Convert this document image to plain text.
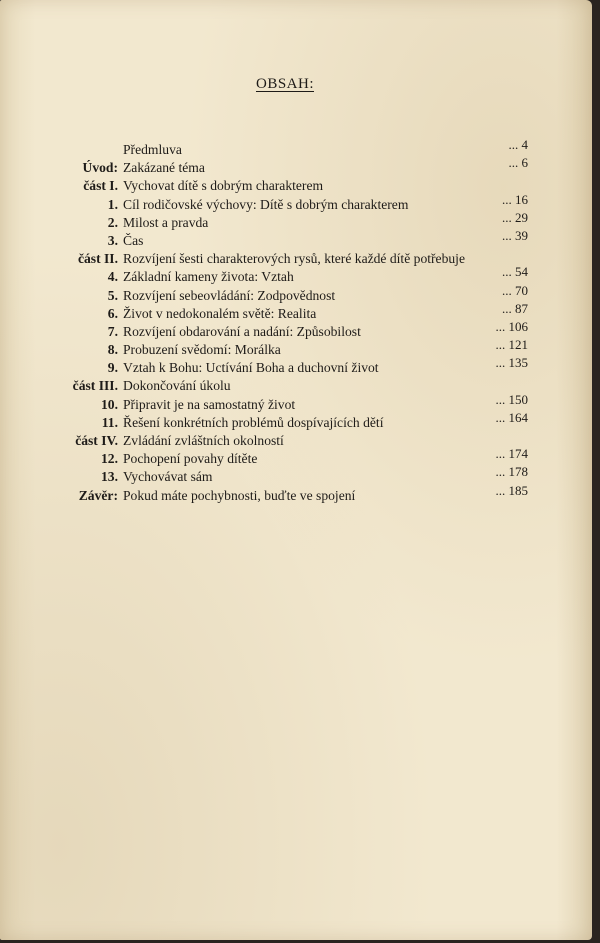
OBSAH:
Předmluva	... 4
Úvod: Zakázané téma	... 6
část I. Vychovat dítě s dobrým charakterem
1. Cíl rodičovské výchovy: Dítě s dobrým charakterem	... 16
2. Milost a pravda	... 29
3. Čas	... 39
část II. Rozvíjení šesti charakterových rysů, které každé dítě potřebuje
4. Základní kameny života: Vztah	... 54
5. Rozvíjení sebeovládání: Zodpovědnost	... 70
6. Život v nedokonalém světě: Realita	... 87
7. Rozvíjení obdarování a nadání: Způsobilost	... 106
8. Probuzení svědomí: Morálka	... 121
9. Vztah k Bohu: Uctívání Boha a duchovní život	... 135
část III. Dokončování úkolu
10. Připravit je na samostatný život	... 150
11. Řešení konkrétních problémů dospívajících dětí	... 164
část IV. Zvládání zvláštních okolností
12. Pochopení povahy dítěte	... 174
13. Vychovávat sám	... 178
Závěr: Pokud máte pochybnosti, buďte ve spojení	... 185
